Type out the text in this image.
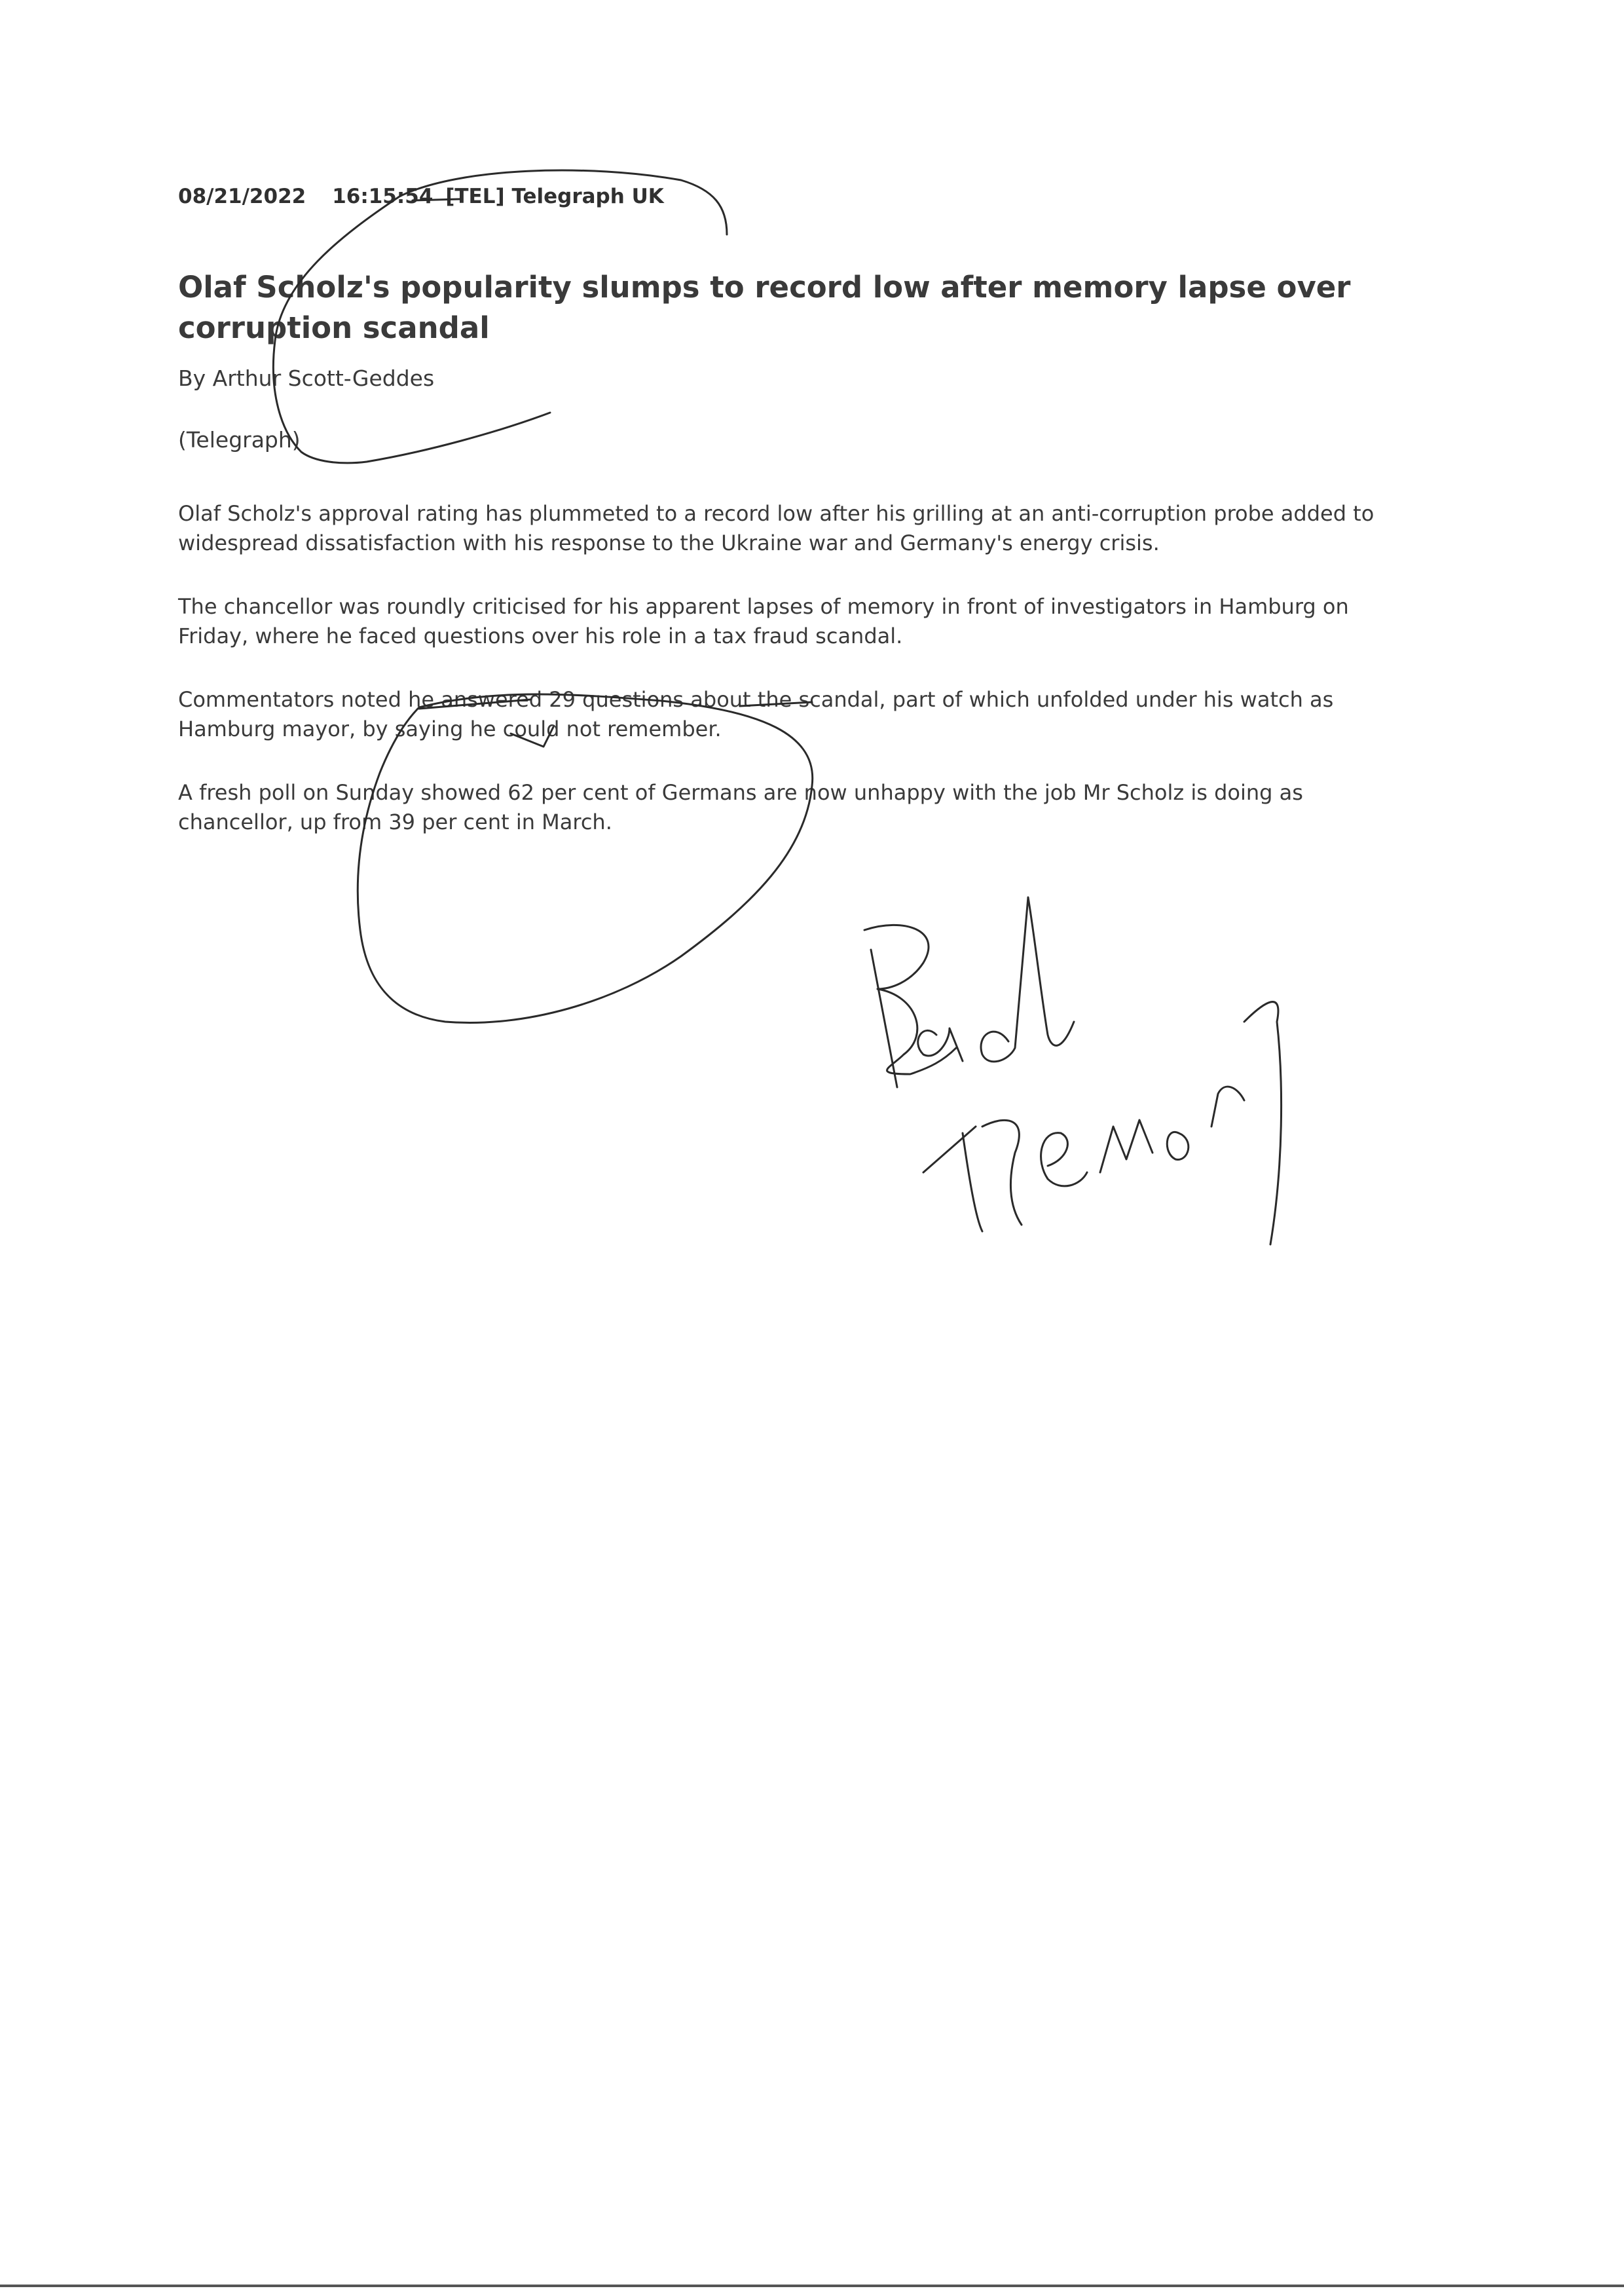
08/21/2022 16:15:54 [TEL] Telegraph UK
Olaf Scholz's popularity slumps to record low after memory lapse over corruption scandal
By Arthur Scott-Geddes
(Telegraph)

Olaf Scholz's approval rating has plummeted to a record low after his grilling at an anti-corruption probe added to widespread dissatisfaction with his response to the Ukraine war and Germany's energy crisis.

The chancellor was roundly criticised for his apparent lapses of memory in front of investigators in Hamburg on Friday, where he faced questions over his role in a tax fraud scandal.

Commentators noted he answered 29 questions about the scandal, part of which unfolded under his watch as Hamburg mayor, by saying he could not remember.

A fresh poll on Sunday showed 62 per cent of Germans are now unhappy with the job Mr Scholz is doing as chancellor, up from 39 per cent in March.
